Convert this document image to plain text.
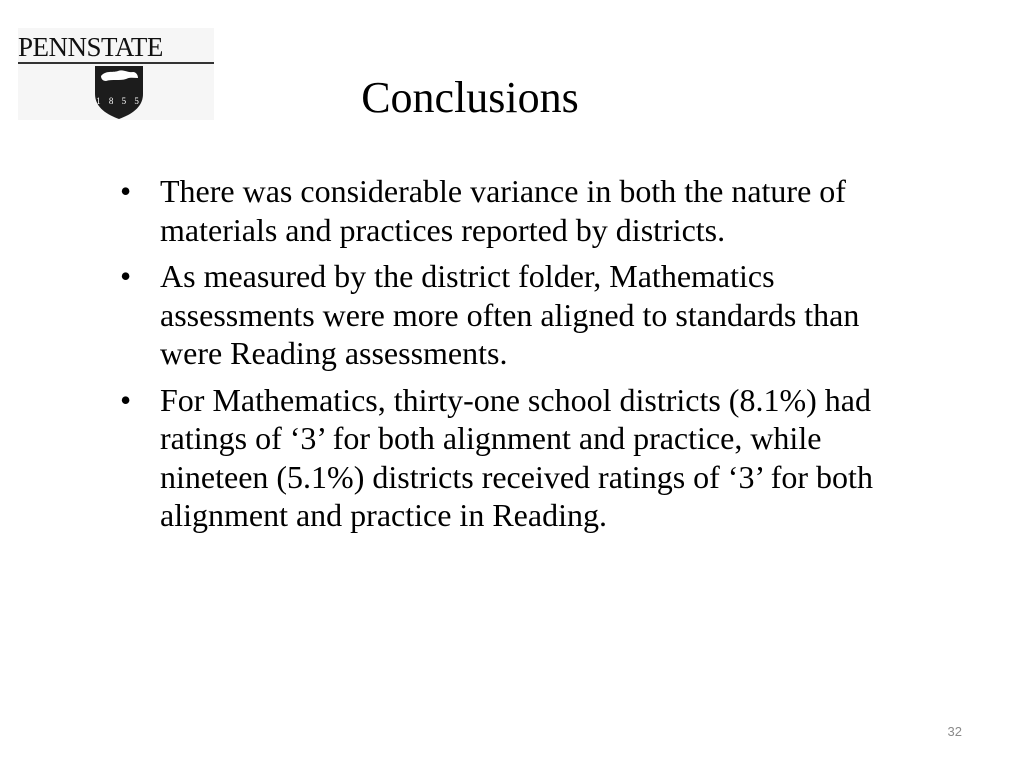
PENNSTATE
1 8 5 5	Conclusions
• There was considerable variance in both the nature of materials and practices reported by districts.
• As measured by the district folder, Mathematics assessments were more often aligned to standards than were Reading assessments.
• For Mathematics, thirty-one school districts (8.1%) had ratings of ‘3’ for both alignment and practice, while nineteen (5.1%) districts received ratings of ‘3’ for both alignment and practice in Reading.
32
